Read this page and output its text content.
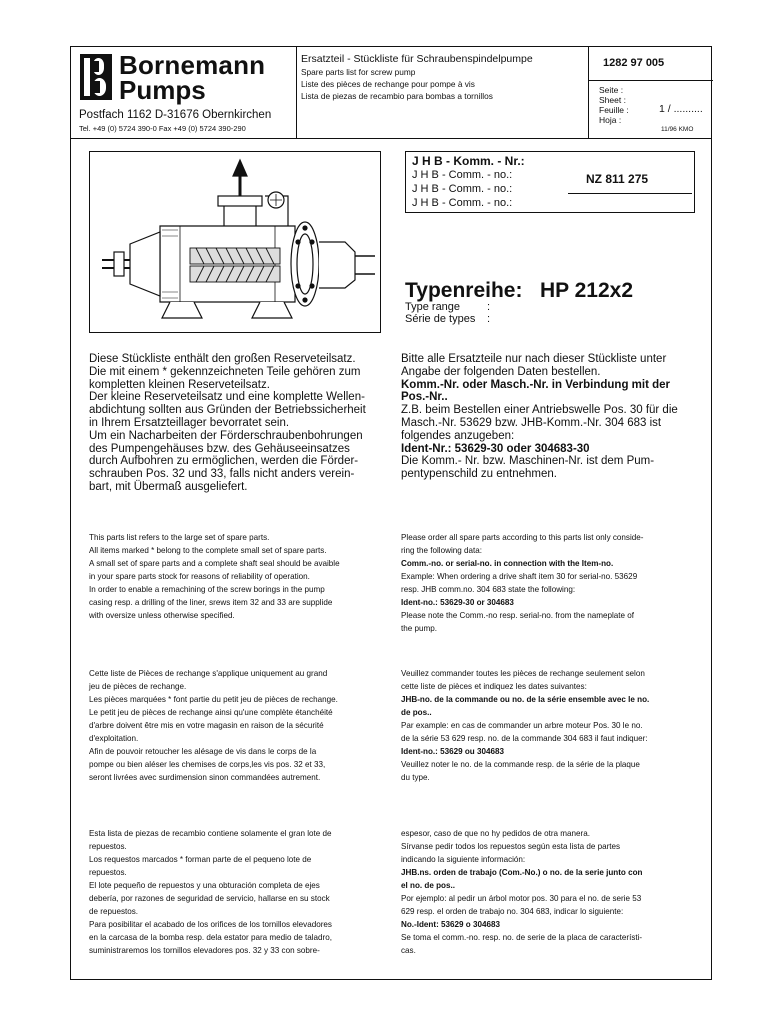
Bornemann
Pumps
Postfach 1162 D-31676 Obernkirchen
Tel. +49 (0) 5724 390-0 Fax +49 (0) 5724 390-290
Ersatzteil - Stückliste für Schraubenspindelpumpe
Spare parts list for screw pump
Liste des pièces de rechange pour pompe à vis
Lista de piezas de recambio para bombas a tornillos
1282 97 005
Seite :
Sheet :
Feuille :
Hoja :
1 / ..........
11/96 KMO
J H B - Komm. - Nr.:
J H B - Comm. - no.:
J H B - Comm. - no.:
J H B - Comm. - no.:
NZ 811 275
Typenreihe: HP 212x2
Type range :
Série de types :
Diese Stückliste enthält den großen Reserveteilsatz.
Die mit einem * gekennzeichneten Teile gehören zum
kompletten kleinen Reserveteilsatz.
Der kleine Reserveteilsatz und eine komplette Wellen-
abdichtung sollten aus Gründen der Betriebssicherheit
in Ihrem Ersatzteillager bevorratet sein.
Um ein Nacharbeiten der Förderschraubenbohrungen
des Pumpengehäuses bzw. des Gehäuseeinsatzes
durch Aufbohren zu ermöglichen, werden die Förder-
schrauben Pos. 32 und 33, falls nicht anders verein-
bart, mit Übermaß ausgeliefert.
Bitte alle Ersatzteile nur nach dieser Stückliste unter
Angabe der folgenden Daten bestellen.
Komm.-Nr. oder Masch.-Nr. in Verbindung mit der
Pos.-Nr..
Z.B. beim Bestellen einer Antriebswelle Pos. 30 für die
Masch.-Nr. 53629 bzw. JHB-Komm.-Nr. 304 683 ist
folgendes anzugeben:
Ident-Nr.: 53629-30 oder 304683-30
Die Komm.- Nr. bzw. Maschinen-Nr. ist dem Pum-
pentypenschild zu entnehmen.
This parts list refers to the large set of spare parts.
All items marked * belong to the complete small set of spare parts.
A small set of spare parts and a complete shaft seal should be avaible
in your spare parts stock for reasons of reliability of operation.
In order to enable a remachining of the screw borings in the pump
casing resp. a drilling of the liner, srews item 32 and 33 are supplide
with oversize unless otherwise specified.
Please order all spare parts according to this parts list only conside-
ring the following data:
Comm.-no. or serial-no. in connection with the Item-no.
Example: When ordering a drive shaft item 30 for serial-no. 53629
resp. JHB comm.no. 304 683 state the following:
Ident-no.: 53629-30 or 304683
Please note the Comm.-no resp. serial-no. from the nameplate of
the pump.
Cette liste de Pièces de rechange s'applique uniquement au grand
jeu de pièces de rechange.
Les pièces marquées * font partie du petit jeu de pièces de rechange.
Le petit jeu de pièces de rechange ainsi qu'une complète étanchéité
d'arbre doivent être mis en votre magasin en raison de la sécurité
d'exploitation.
Afin de pouvoir retoucher les alésage de vis dans le corps de la
pompe ou bien aléser les chemises de corps,les vis pos. 32 et 33,
seront livrées avec surdimension sinon commandées autrement.
Veuillez commander toutes les pièces de rechange seulement selon
cette liste de pièces et indiquez les dates suivantes:
JHB-no. de la commande ou no. de la série ensemble avec le no.
de pos..
Par example: en cas de commander un arbre moteur Pos. 30 le no.
de la série 53 629 resp. no. de la commande 304 683 il faut indiquer:
Ident-no.: 53629 ou 304683
Veuillez noter le no. de la commande resp. de la série de la plaque
du type.
Esta lista de piezas de recambio contiene solamente el gran lote de
repuestos.
Los requestos marcados * forman parte de el pequeno lote de
repuestos.
El lote pequeño de repuestos y una obturación completa de ejes
debería, por razones de seguridad de servicio, hallarse en su stock
de repuestos.
Para posibilitar el acabado de los orifices de los tornillos elevadores
en la carcasa de la bomba resp. dela estator para medio de taladro,
suministraremos los tornillos elevadores pos. 32 y 33 con sobre-
espesor, caso de que no hy pedidos de otra manera.
Sírvanse pedir todos los repuestos según esta lista de partes
indicando la siguiente información:
JHB.ns. orden de trabajo (Com.-No.) o no. de la serie junto con
el no. de pos..
Por ejemplo: al pedir un árbol motor pos. 30 para el no. de serie 53
629 resp. el orden de trabajo no. 304 683, indicar lo siguiente:
No.-Ident: 53629 o 304683
Se toma el comm.-no. resp. no. de serie de la placa de característi-
cas.
